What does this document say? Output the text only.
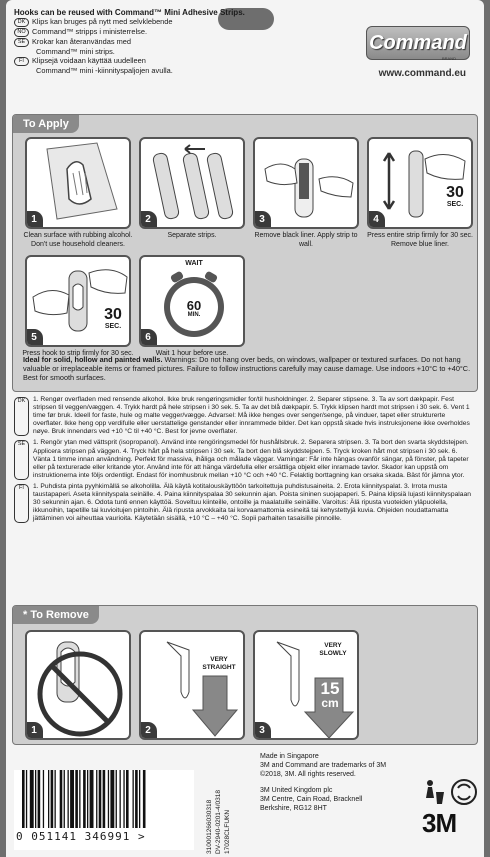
Hooks can be reused with Command™ Mini Adhesive Strips.
DK Klips kan bruges på nytt med selvklebende
NO Command™ stripps i ministerrelse.
SE Krokar kan återanvändas med
Command™ mini strips.
FI	Klipsejä voidaan käyttää uudelleen
Command™ mini -kiinnityspaljojen avulla.
Command
BRAND
www.command.eu
To Apply
1
Clean surface with rubbing alcohol. Don't use household cleaners.
2
Separate strips.
3
Remove black liner. Apply strip to wall.
30
SEC.
4
Press entire strip firmly for 30 sec. Remove blue liner.
30
SEC.
5
Press hook to strip firmly for 30 sec.
WAIT
60
MIN.
6
Wait 1 hour before use.
Ideal for solid, hollow and painted walls. Warnings: Do not hang over beds, on windows, wallpaper or textured surfaces. Do not hang valuable or irreplaceable items or framed pictures. Failure to follow instructions carefully may cause damage. Use indoors +10°C to +40°C. Best for smooth surfaces.
DK	1. Rengør overfladen med rensende alkohol. Ikke bruk rengøringsmidler for/til husholdninger. 2. Separer stipsene. 3. Ta av sort dækpapir. Fest stripsen til veggen/væggen. 4. Trykk hardt på hele stripsen i 30 sek. 5. Ta av det blå dækpapir. 5. Trykk klipsen hardt mot stripsen i 30 sek. 6. Vent 1 time før bruk. Ideell for faste, hule og malte vegger/vægge. Advarsel: Må ikke henges over senger/senge, på vinduer, tapet eller strukturerte overflater. Ikke heng opp verdifulle eller uerstattelige genstander eller innrammede bilder. Det kan oppstå skade hvis instruksjonene ikke overholdes nøye. Bruk innendørs ved +10 °C til +40 °C. Best for jevne overflater.
SE	1. Rengör ytan med vättsprit (isopropanol). Använd inte rengöringsmedel för hushållsbruk. 2. Separera stripsen. 3. Ta bort den svarta skyddstejpen. Applicera stripsen på väggen. 4. Tryck hårt på hela stripsen i 30 sek. Ta bort den blå skyddstejpen. 5. Tryck kroken hårt mot stripsen i 30 sek. 6. Vänta 1 timme innan användning. Perfekt för massiva, ihåliga och målade väggar. Varningar: Får inte hängas ovanför sängar, på fönster, på tapeter eller på texturerade eller kritande ytor. Använd inte för att hänga värdefulla eller ersättliga objekt eller inramade tavlor. Skador kan uppstå om instruktionerna inte följs ordentligt. Endast för inomhusbruk mellan +10 °C och +40 °C. Felaktig borttagning kan orsaka skada. Bäst för jämna ytor.
FI	1. Puhdista pinta pyyhkimällä se alkoholilla. Älä käytä kotitalouskäyttöön tarkoitettuja puhdistusaineita. 2. Erota kiinnityspalat. 3. Irrota musta taustapaperi. Aseta kiinnityspala seinälle. 4. Paina kiinnityspalaa 30 sekunnin ajan. Poista sininen suojapaperi. 5. Paina klipsiä lujasti kiinnityspalaan 30 sekunnin ajan. 6. Odota tunti ennen käyttöä. Soveltuu kiinteille, ontoille ja maalatuille seinäille. Varoitus: Älä ripusta vuoteiden yläpuolella, ikkunoihin, tapetille tai kuvioitujen pintoihin. Älä ripusta arvokkaita tai korvaamattomia esineitä tai kehystettyjä kuvia. Ohjeiden noudattamatta jättäminen voi aiheuttaa vaurioita. Käytetään sisällä, +10 °C – +40 °C. Sopii parhaiten tasaisille pinnoille.
* To Remove
1
VERY STRAIGHT
2
VERY SLOWLY
15
cm
3
0 051141 346991 >	310001266030318 DV-2940-0201-4/0318 17028CLFUKN
Made in Singapore
3M and Command are trademarks of 3M
©2018, 3M. All rights reserved.
3M United Kingdom plc
3M Centre, Cain Road, Bracknell
Berkshire, RG12 8HT	3M
